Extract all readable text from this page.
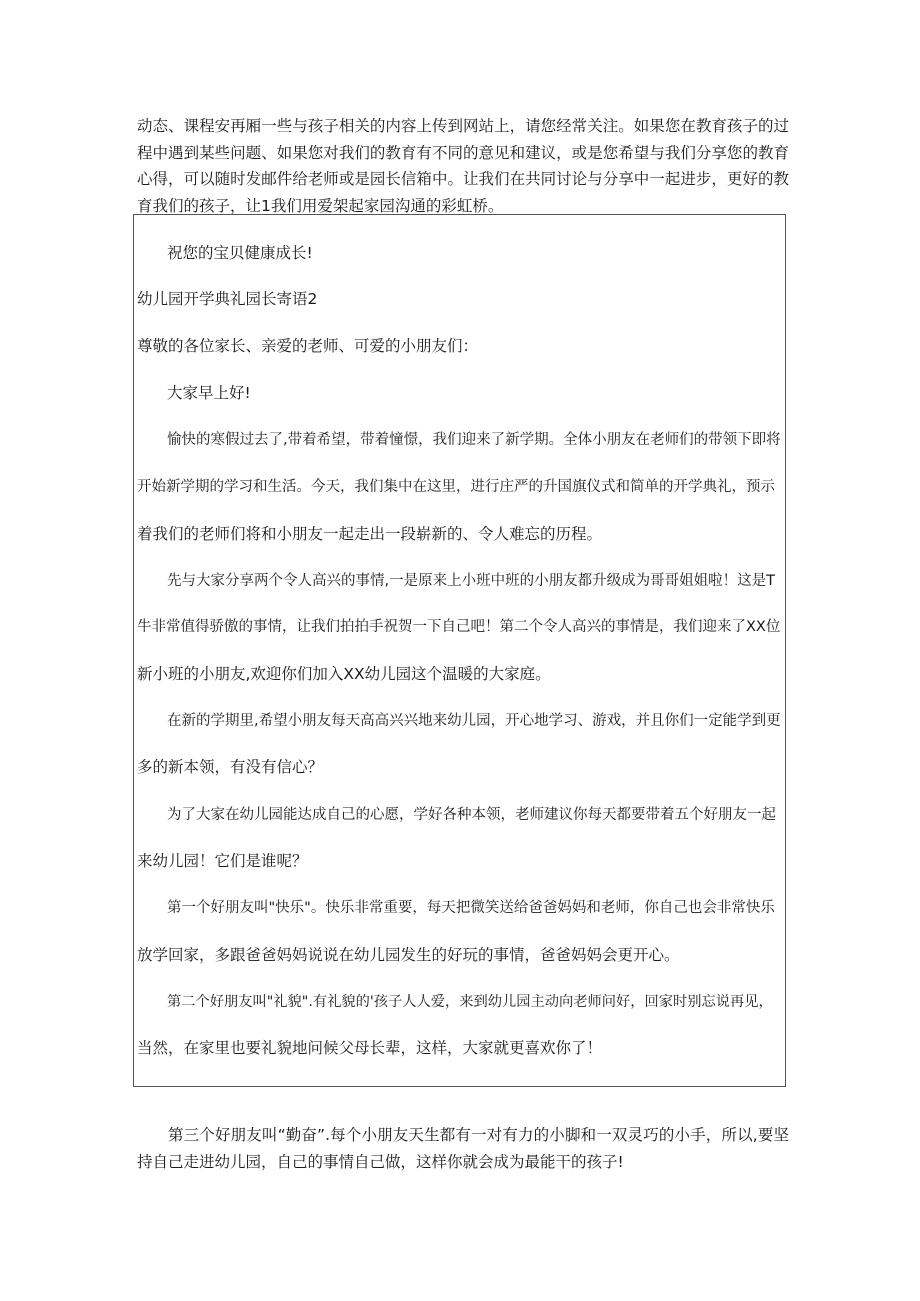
动态、课程安再厢一些与孩子相关的内容上传到网站上，请您经常关注。如果您在教育孩子的过程中遇到某些问题、如果您对我们的教育有不同的意见和建议，或是您希望与我们分享您的教育心得，可以随时发邮件给老师或是园长信箱中。让我们在共同讨论与分享中一起进步，更好的教育我们的孩子，让1我们用爱架起家园沟通的彩虹桥。

祝您的宝贝健康成长!

幼儿园开学典礼园长寄语2

尊敬的各位家长、亲爱的老师、可爱的小朋友们：

大家早上好!

愉快的寒假过去了,带着希望，带着憧憬，我们迎来了新学期。全体小朋友在老师们的带领下即将

开始新学期的学习和生活。今天，我们集中在这里，进行庄严的升国旗仪式和简单的开学典礼，预示

着我们的老师们将和小朋友一起走出一段崭新的、令人难忘的历程。

先与大家分享两个令人高兴的事情,一是原来上小班中班的小朋友都升级成为哥哥姐姐啦！这是T

牛非常值得骄傲的事情，让我们拍拍手祝贺一下自己吧！第二个令人高兴的事情是，我们迎来了XX位

新小班的小朋友,欢迎你们加入XX幼儿园这个温暖的大家庭。

在新的学期里,希望小朋友每天高高兴兴地来幼儿园，开心地学习、游戏，并且你们一定能学到更

多的新本领，有没有信心？

为了大家在幼儿园能达成自己的心愿，学好各种本领，老师建议你每天都要带着五个好朋友一起

来幼儿园！它们是谁呢？

第一个好朋友叫"快乐"。快乐非常重要，每天把微笑送给爸爸妈妈和老师，你自己也会非常快乐

放学回家，多跟爸爸妈妈说说在幼儿园发生的好玩的事情，爸爸妈妈会更开心。

第二个好朋友叫"礼貌".有礼貌的'孩子人人爱，来到幼儿园主动向老师问好，回家时别忘说再见，

当然，在家里也要礼貌地问候父母长辈，这样，大家就更喜欢你了！

第三个好朋友叫“勤奋”.每个小朋友天生都有一对有力的小脚和一双灵巧的小手，所以,要坚持自己走进幼儿园，自己的事情自己做，这样你就会成为最能干的孩子!
